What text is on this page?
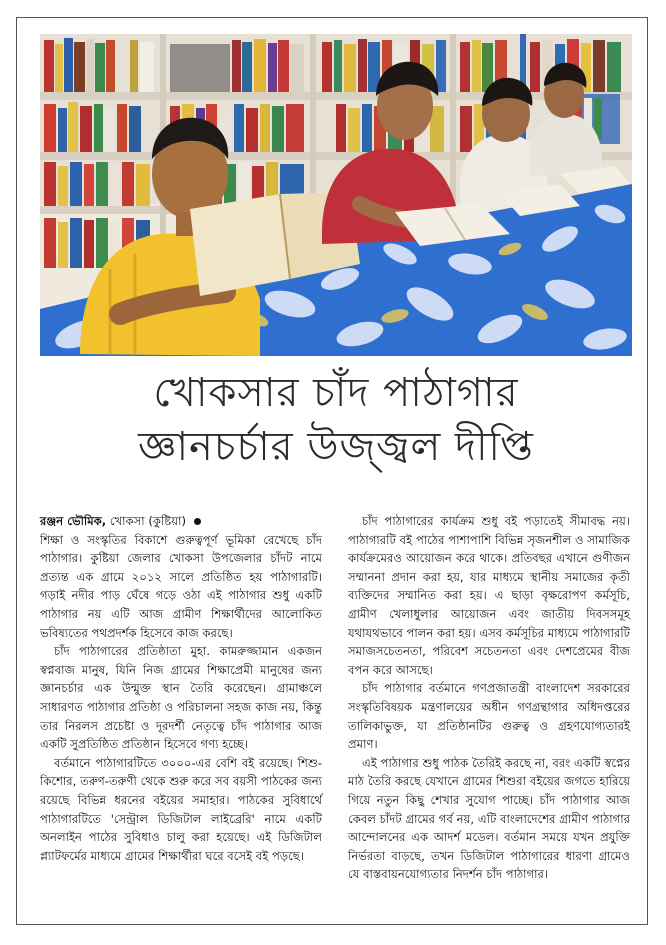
খোকসার চাঁদ পাঠাগার
জ্ঞানচর্চার উজ্জ্বল দীপ্তি

রঞ্জন ভৌমিক, খোকসা (কুষ্টিয়া)

শিক্ষা ও সংস্কৃতির বিকাশে গুরুত্বপূর্ণ ভূমিকা রেখেছে চাঁদ পাঠাগার। কুষ্টিয়া জেলার খোকসা উপজেলার চাঁদট নামে প্রত্যন্ত এক গ্রামে ২০১২ সালে প্রতিষ্ঠিত হয় পাঠাগারটি। গড়াই নদীর পাড় ঘেঁষে গড়ে ওঠা এই পাঠাগার শুধু একটি পাঠাগার নয় এটি আজ গ্রামীণ শিক্ষার্থীদের আলোকিত ভবিষ্যতের পথপ্রদর্শক হিসেবে কাজ করছে।

চাঁদ পাঠাগারের প্রতিষ্ঠাতা মুহা. কামরুজ্জামান একজন স্বপ্নবাজ মানুষ, যিনি নিজ গ্রামের শিক্ষাপ্রেমী মানুষের জন্য জ্ঞানচর্চার এক উন্মুক্ত স্থান তৈরি করেছেন। গ্রামাঞ্চলে সাধারণত পাঠাগার প্রতিষ্ঠা ও পরিচালনা সহজ কাজ নয়, কিন্তু তার নিরলস প্রচেষ্টা ও দূরদর্শী নেতৃত্বে চাঁদ পাঠাগার আজ একটি সুপ্রতিষ্ঠিত প্রতিষ্ঠান হিসেবে গণ্য হচ্ছে।

বর্তমানে পাঠাগারটিতে ৩০০০-এর বেশি বই রয়েছে। শিশু-কিশোর, তরুণ-তরুণী থেকে শুরু করে সব বয়সী পাঠকের জন্য রয়েছে বিভিন্ন ধরনের বইয়ের সমাহার। পাঠকের সুবিধার্থে পাঠাগারটিতে 'সেন্ট্রাল ডিজিটাল লাইব্রেরি' নামে একটি অনলাইন পাঠের সুবিধাও চালু করা হয়েছে। এই ডিজিটাল প্ল্যাটফর্মের মাধ্যমে গ্রামের শিক্ষার্থীরা ঘরে বসেই বই পড়ছে।

চাঁদ পাঠাগারের কার্যক্রম শুধু বই পড়াতেই সীমাবদ্ধ নয়। পাঠাগারটি বই পাঠের পাশাপাশি বিভিন্ন সৃজনশীল ও সামাজিক কার্যক্রমেরও আয়োজন করে থাকে। প্রতিবছর এখানে গুণীজন সম্মাননা প্রদান করা হয়, যার মাধ্যমে স্থানীয় সমাজের কৃতী ব্যক্তিদের সম্মানিত করা হয়। এ ছাড়া বৃক্ষরোপণ কর্মসূচি, গ্রামীণ খেলাধুলার আয়োজন এবং জাতীয় দিবসসমূহ যথাযথভাবে পালন করা হয়। এসব কর্মসূচির মাধ্যমে পাঠাগারটি সমাজসচেতনতা, পরিবেশ সচেতনতা এবং দেশপ্রেমের বীজ বপন করে আসছে।

চাঁদ পাঠাগার বর্তমানে গণপ্রজাতন্ত্রী বাংলাদেশ সরকারের সংস্কৃতিবিষয়ক মন্ত্রণালয়ের অধীন গণগ্রন্থাগার অধিদপ্তরের তালিকাভুক্ত, যা প্রতিষ্ঠানটির গুরুত্ব ও গ্রহণযোগ্যতারই প্রমাণ।

এই পাঠাগার শুধু পাঠক তৈরিই করছে না, বরং একটি স্বপ্নের মাঠ তৈরি করছে যেখানে গ্রামের শিশুরা বইয়ের জগতে হারিয়ে গিয়ে নতুন কিছু শেখার সুযোগ পাচ্ছে। চাঁদ পাঠাগার আজ কেবল চাঁদট গ্রামের গর্ব নয়, এটি বাংলাদেশের গ্রামীণ পাঠাগার আন্দোলনের এক আদর্শ মডেল। বর্তমান সময়ে যখন প্রযুক্তি নির্ভরতা বাড়ছে, তখন ডিজিটাল পাঠাগারের ধারণা গ্রামেও যে বাস্তবায়নযোগ্যতার নিদর্শন চাঁদ পাঠাগার।
